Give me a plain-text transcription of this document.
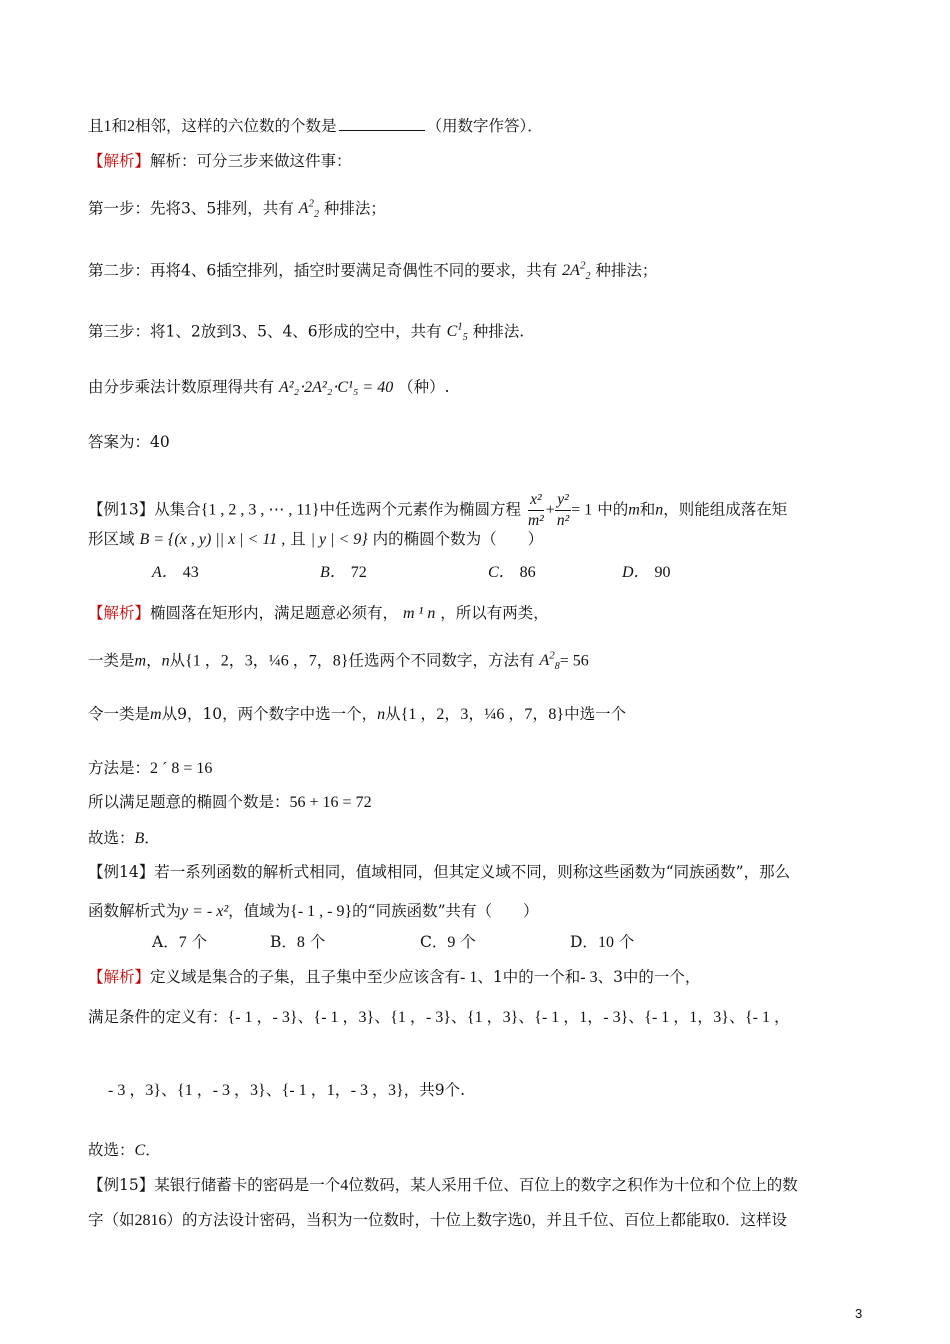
且1和2相邻，这样的六位数的个数是	（用数字作答）．
【解析】解析：可分三步来做这件事：
第一步：先将3、5排列，共有 $A^2_2$ 种排法；
第二步：再将4、6插空排列，插空时要满足奇偶性不同的要求，共有 $2A^2_2$ 种排法；
第三步：将1、2放到3、5、4、6形成的空中，共有 $C^1_5$ 种排法.
由分步乘法计数原理得共有 A²₂⋅2A²₂⋅C¹₅ = 40 （种）.
答案为：40
【例13】从集合{1 , 2 , 3 , ⋯ , 11}中任选两个元素作为椭圆方程 $\frac{\text{x²}}{\text{m²}} + \frac{\text{y²}}{\text{n²}} = 1$ 中的m和n，则能组成落在矩
形区域 B = {(x , y) || x | < 11 , 且 | y | < 9} 内的椭圆个数为（　　）
A． 43	B． 72	C． 86	D． 90
【解析】椭圆落在矩形内，满足题意必须有， m ¹ n ，所以有两类，
一类是m，n从{1 ，2，3，¼6 ，7，8}任选两个不同数字，方法有 $A^2_8= 56$
令一类是m从9，10，两个数字中选一个，n从{1 ，2，3，¼6 ，7，8}中选一个
方法是：2 ´ 8 = 16
所以满足题意的椭圆个数是：56 + 16 = 72
故选：B．
【例14】若一系列函数的解析式相同，值域相同，但其定义域不同，则称这些函数为“同族函数”，那么
函数解析式为y = - x²，值域为{- 1 , - 9}的“同族函数”共有（　　）
A．7 个	B．8 个	C．9 个	D．10 个
【解析】定义域是集合的子集，且子集中至少应该含有- 1、1中的一个和- 3、3中的一个，
满足条件的定义有：{- 1 ，- 3}、{- 1 ，3}、{1 ，- 3}、{1 ，3}、{- 1 ，1，- 3}、{- 1 ，1，3}、{- 1 ，
- 3 ，3}、{1 ，- 3 ，3}、{- 1 ，1，- 3 ，3}，共9个.
故选：C．
【例15】某银行储蓄卡的密码是一个4位数码，某人采用千位、百位上的数字之积作为十位和个位上的数
字（如2816）的方法设计密码，当积为一位数时，十位上数字选0，并且千位、百位上都能取0．这样设
3
